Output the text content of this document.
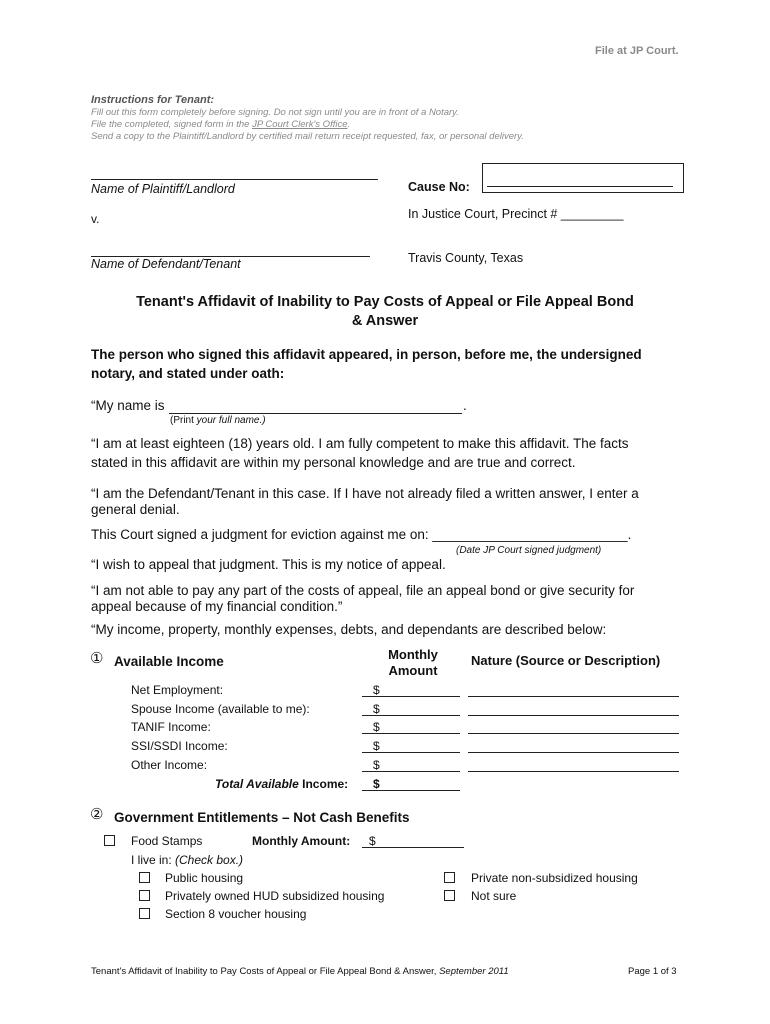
File at JP Court.
Instructions for Tenant:
Fill out this form completely before signing. Do not sign until you are in front of a Notary.
File the completed, signed form in the JP Court Clerk's Office.
Send a copy to the Plaintiff/Landlord by certified mail return receipt requested, fax, or personal delivery.
Name of Plaintiff/Landlord
v.
Name of Defendant/Tenant
Cause No:
In Justice Court, Precinct # _________
Travis County, Texas
Tenant's Affidavit of Inability to Pay Costs of Appeal or File Appeal Bond
& Answer
The person who signed this affidavit appeared, in person, before me, the undersigned
notary, and stated under oath:
“My name is	.
(Print your full name.)
“I am at least eighteen (18) years old. I am fully competent to make this affidavit. The facts
stated in this affidavit are within my personal knowledge and are true and correct.
“I am the Defendant/Tenant in this case. If I have not already filed a written answer, I enter a
general denial.
This Court signed a judgment for eviction against me on: __________________________.
(Date JP Court signed judgment)
“I wish to appeal that judgment. This is my notice of appeal.
“I am not able to pay any part of the costs of appeal, file an appeal bond or give security for
appeal because of my financial condition.”
“My income, property, monthly expenses, debts, and dependants are described below:
① Available Income	Monthly
Amount
Nature (Source or Description)
Net Employment:	$
Spouse Income (available to me):	$
TANIF Income:	$
SSI/SSDI Income:	$
Other Income:	$
Total Available Income: $
② Government Entitlements – Not Cash Benefits
Food Stamps	Monthly Amount: $
I live in: (Check box.)
Public housing
Privately owned HUD subsidized housing
Section 8 voucher housing
Private non-subsidized housing
Not sure
Tenant's Affidavit of Inability to Pay Costs of Appeal or File Appeal Bond & Answer, September 2011	Page 1 of 3
